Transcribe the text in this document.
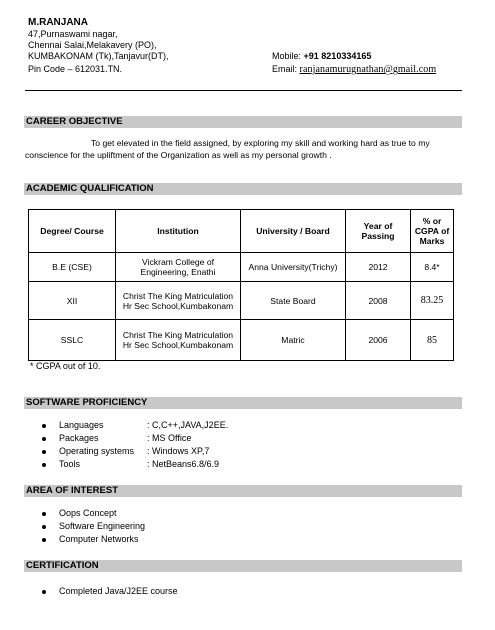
M.RANJANA
47,Purnaswami nagar,
Chennai Salai,Melakavery (PO),
KUMBAKONAM (Tk),Tanjavur(DT),
Pin Code – 612031.TN.
Mobile: +91 8210334165
Email: ranjanamurugnathan@gmail.com
CAREER OBJECTIVE
To get elevated in the field assigned, by exploring my skill and working hard as true to my conscience for the upliftment of the Organization as well as my personal growth .
ACADEMIC QUALIFICATION
Degree/ Course	Institution	University / Board	Year of Passing	% or CGPA of Marks
B.E (CSE)	Vickram College of Engineering, Enathi	Anna University(Trichy)	2012	8.4*
XII	Christ The King Matriculation Hr Sec School,Kumbakonam	State Board	2008	83.25
SSLC	Christ The King Matriculation Hr Sec School,Kumbakonam	Matric	2006	85
* CGPA out of 10.
SOFTWARE PROFICIENCY
Languages	: C,C++,JAVA,J2EE.
Packages	: MS Office
Operating systems : Windows XP,7
Tools	: NetBeans6.8/6.9
AREA OF INTEREST
Oops Concept
Software Engineering
Computer Networks
CERTIFICATION
Completed Java/J2EE course
